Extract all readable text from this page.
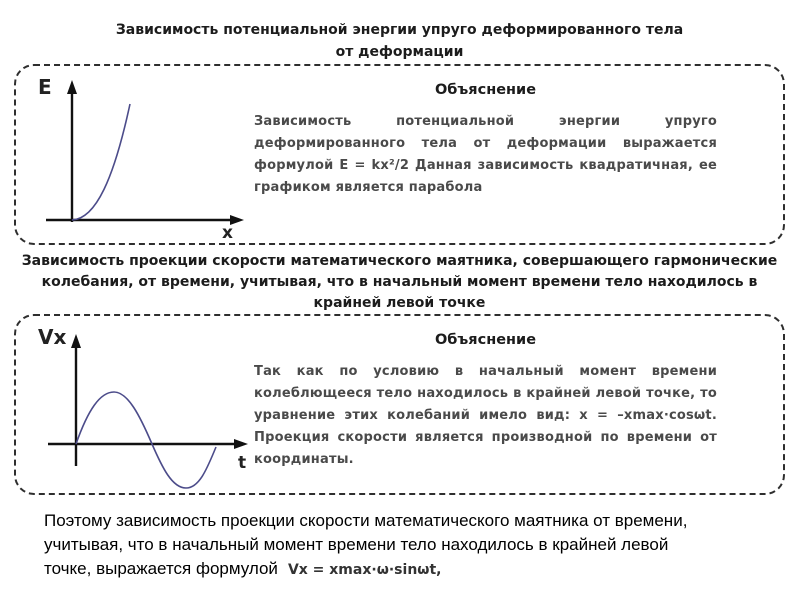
Зависимость потенциальной энергии упруго деформированного тела
от деформации
E
x
Объяснение
Зависимость потенциальной энергии упруго деформированного тела от деформации выражается формулой E = kx²/2 Данная зависимость квадратичная, ее графиком является парабола
Зависимость проекции скорости математического маятника, совершающего гармонические
колебания, от времени, учитывая, что в начальный момент времени тело находилось в
крайней левой точке
Vx
t
Объяснение
Так как по условию в начальный момент времени колеблющееся тело находилось в крайней левой точке, то уравнение этих колебаний имело вид: x = –xmax·cosωt. Проекция скорости является производной по времени от координаты.
Поэтому зависимость проекции скорости математического маятника от времени,
учитывая, что в начальный момент времени тело находилось в крайней левой
точке, выражается формулой Vx = xmax·ω·sinωt,
